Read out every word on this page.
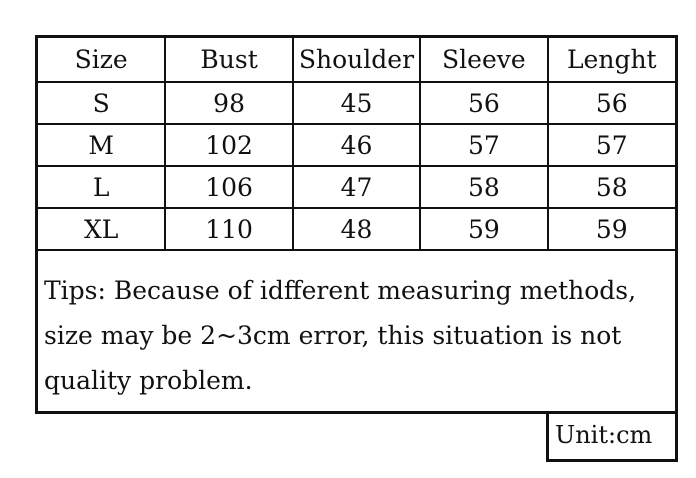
Size	Bust	Shoulder	Sleeve	Lenght
S	98	45	56	56
M	102	46	57	57
L	106	47	58	58
XL	110	48	59	59
Tips: Because of idfferent measuring methods, size may be 2~3cm error, this situation is not quality problem.
Unit:cm
